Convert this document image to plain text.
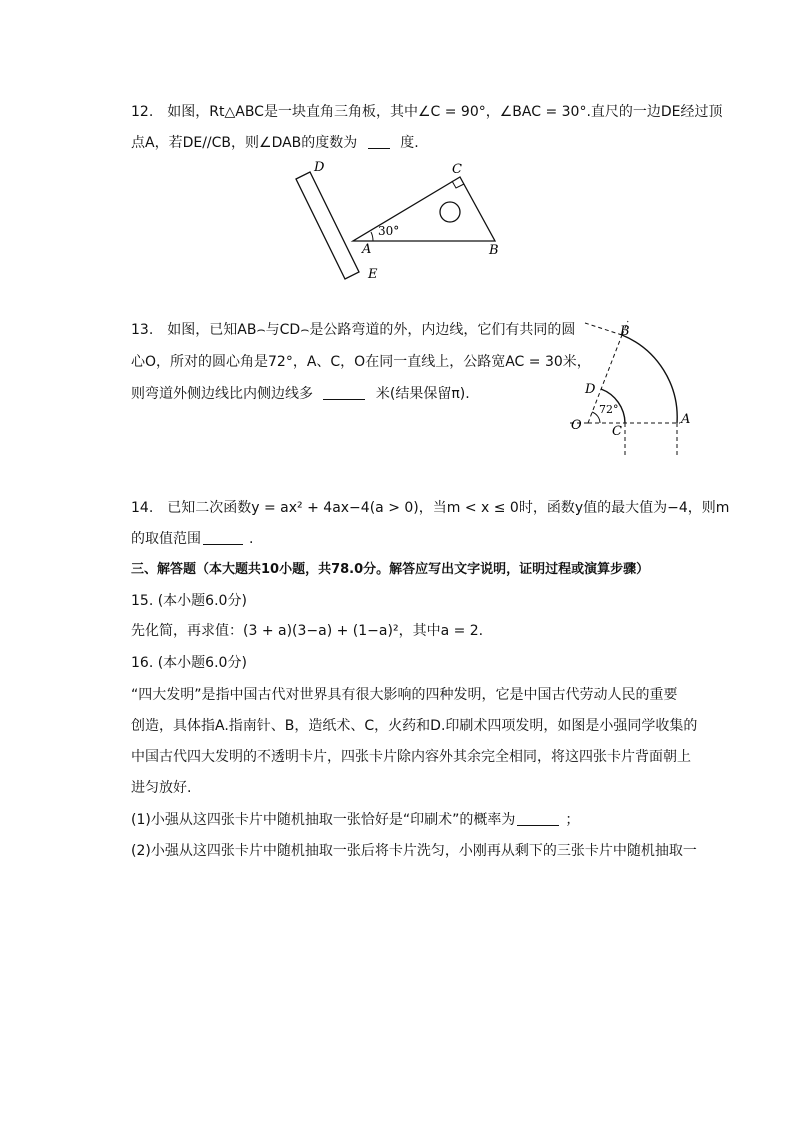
12. 如图，Rt△ABC是一块直角三角板，其中∠C = 90°，∠BAC = 30°.直尺的一边DE经过顶
点A，若DE//CB，则∠DAB的度数为	度.
30°
D	C
A	B
E
13. 如图，已知AB⌢与CD⌢是公路弯道的外，内边线，它们有共同的圆
心O，所对的圆心角是72°，A、C，O在同一直线上，公路宽AC = 30米，
则弯道外侧边线比内侧边线多	米(结果保留π).
72°
B
D
O C
A
14. 已知二次函数y = ax² + 4ax−4(a > 0)，当m < x ≤ 0时，函数y值的最大值为−4，则m
的取值范围	.
三、解答题（本大题共10小题，共78.0分。解答应写出文字说明，证明过程或演算步骤）
15. (本小题6.0分)
先化简，再求值：(3 + a)(3−a) + (1−a)²，其中a = 2.
16. (本小题6.0分)
“四大发明”是指中国古代对世界具有很大影响的四种发明，它是中国古代劳动人民的重要
创造，具体指A.指南针、B，造纸术、C，火药和D.印刷术四项发明，如图是小强同学收集的
中国古代四大发明的不透明卡片，四张卡片除内容外其余完全相同，将这四张卡片背面朝上
进匀放好.
(1)小强从这四张卡片中随机抽取一张恰好是“印刷术”的概率为	；
(2)小强从这四张卡片中随机抽取一张后将卡片洗匀，小刚再从剩下的三张卡片中随机抽取一
